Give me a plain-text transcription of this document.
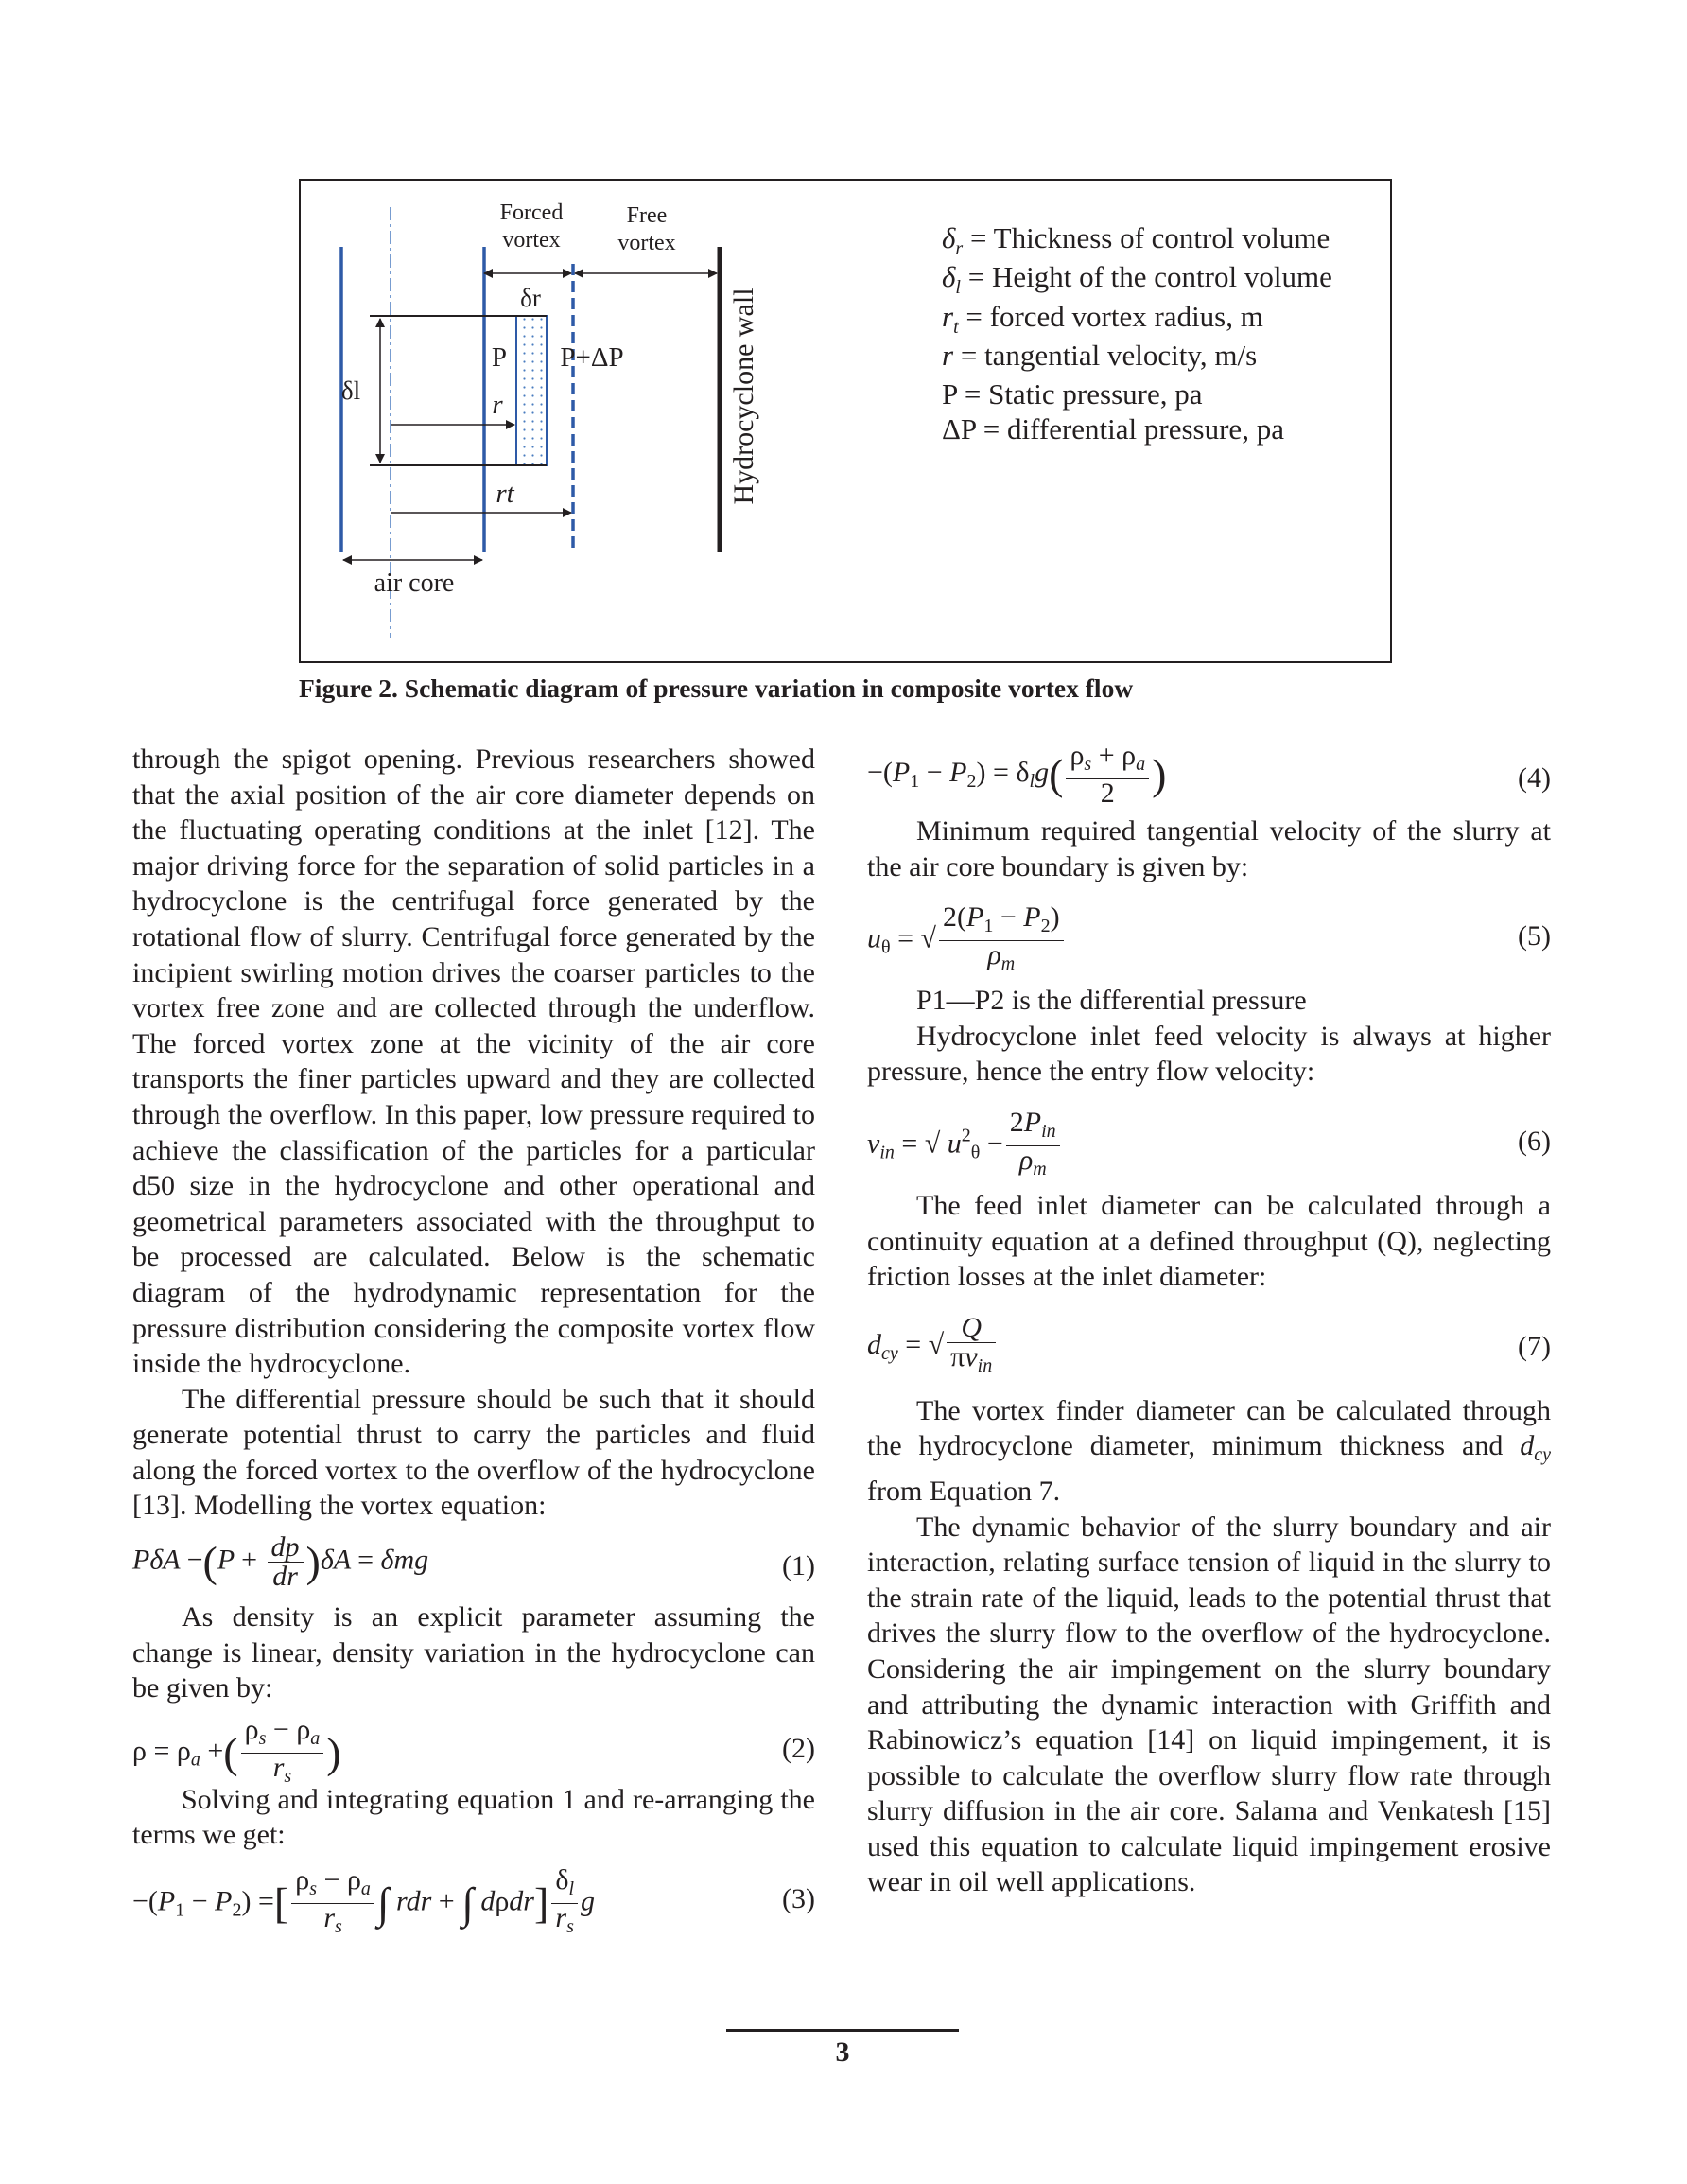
Forced
vortex
Free
vortex
δr
δl
P P+ΔP
r
rt
air core
Hydrocyclone wall
$\delta_r$ = Thickness of control volume
$\delta_l$ = Height of the control volume
$r_t$ = forced vortex radius, m
r = tangential velocity, m/s
P = Static pressure, pa
ΔP = differential pressure, pa
Figure 2. Schematic diagram of pressure variation in composite vortex flow

through the spigot opening. Previous researchers showed that the axial position of the air core diameter depends on the fluctuating operating conditions at the inlet [12]. The major driving force for the separation of solid particles in a hydrocyclone is the centrifugal force generated by the rotational flow of slurry. Centrifugal force generated by the incipient swirling motion drives the coarser particles to the vortex free zone and are collected through the underflow. The forced vortex zone at the vicinity of the air core transports the finer particles upward and they are collected through the overflow. In this paper, low pressure required to achieve the classification of the particles for a particular d50 size in the hydrocyclone and other operational and geometrical parameters associated with the throughput to be processed are calculated. Below is the schematic diagram of the hydrodynamic representation for the pressure distribution considering the composite vortex flow inside the hydrocyclone.

The differential pressure should be such that it should generate potential thrust to carry the particles and fluid along the forced vortex to the overflow of the hydrocyclone [13]. Modelling the vortex equation:

$P\delta A -(P + \frac{dp}{dr} )\delta A = \delta mg$	(1)

As density is an explicit parameter assuming the change is linear, density variation in the hydrocyclone can be given by:

$\rho = \rho_a$ +( $\frac{\rho_s - \rho_a}{r_s}$ )	(2)

Solving and integrating equation 1 and re-arranging the terms we get:

$-(P_1 - P_2)$ =[ $\frac{\rho_s - \rho_a}{r_s}$ ∫ rdr + ∫ $d\rho dr] \frac{\delta_l}{r_s}$ g	(3)
$-(P_1 - P_2) = \delta_lg( \frac{\rho_s + \rho_a}{2}$ )	(4)

Minimum required tangential velocity of the slurry at the air core boundary is given by:

$u_\theta$ = √ $\frac{2(P_1 - P_2)}{\rho_m}$	(5)

P1—P2 is the differential pressure

Hydrocyclone inlet feed velocity is always at higher pressure, hence the entry flow velocity:

$v_{in}$ = √ $u^2_\theta - \frac{2P_{in}}{\rho_m}$	(6)

The feed inlet diameter can be calculated through a continuity equation at a defined throughput (Q), neglecting friction losses at the inlet diameter:

$d_{cy}$ = √ $\frac{Q}{\pi v_{in}}$	(7)

The vortex finder diameter can be calculated through the hydrocyclone diameter, minimum thickness and $d_{cy}$ from Equation 7.

The dynamic behavior of the slurry boundary and air interaction, relating surface tension of liquid in the slurry to the strain rate of the liquid, leads to the potential thrust that drives the slurry flow to the overflow of the hydrocyclone. Considering the air impingement on the slurry boundary and attributing the dynamic interaction with Griffith and Rabinowicz’s equation [14] on liquid impingement, it is possible to calculate the overflow slurry flow rate through slurry diffusion in the air core. Salama and Venkatesh [15] used this equation to calculate liquid impingement erosive wear in oil well applications.

3
